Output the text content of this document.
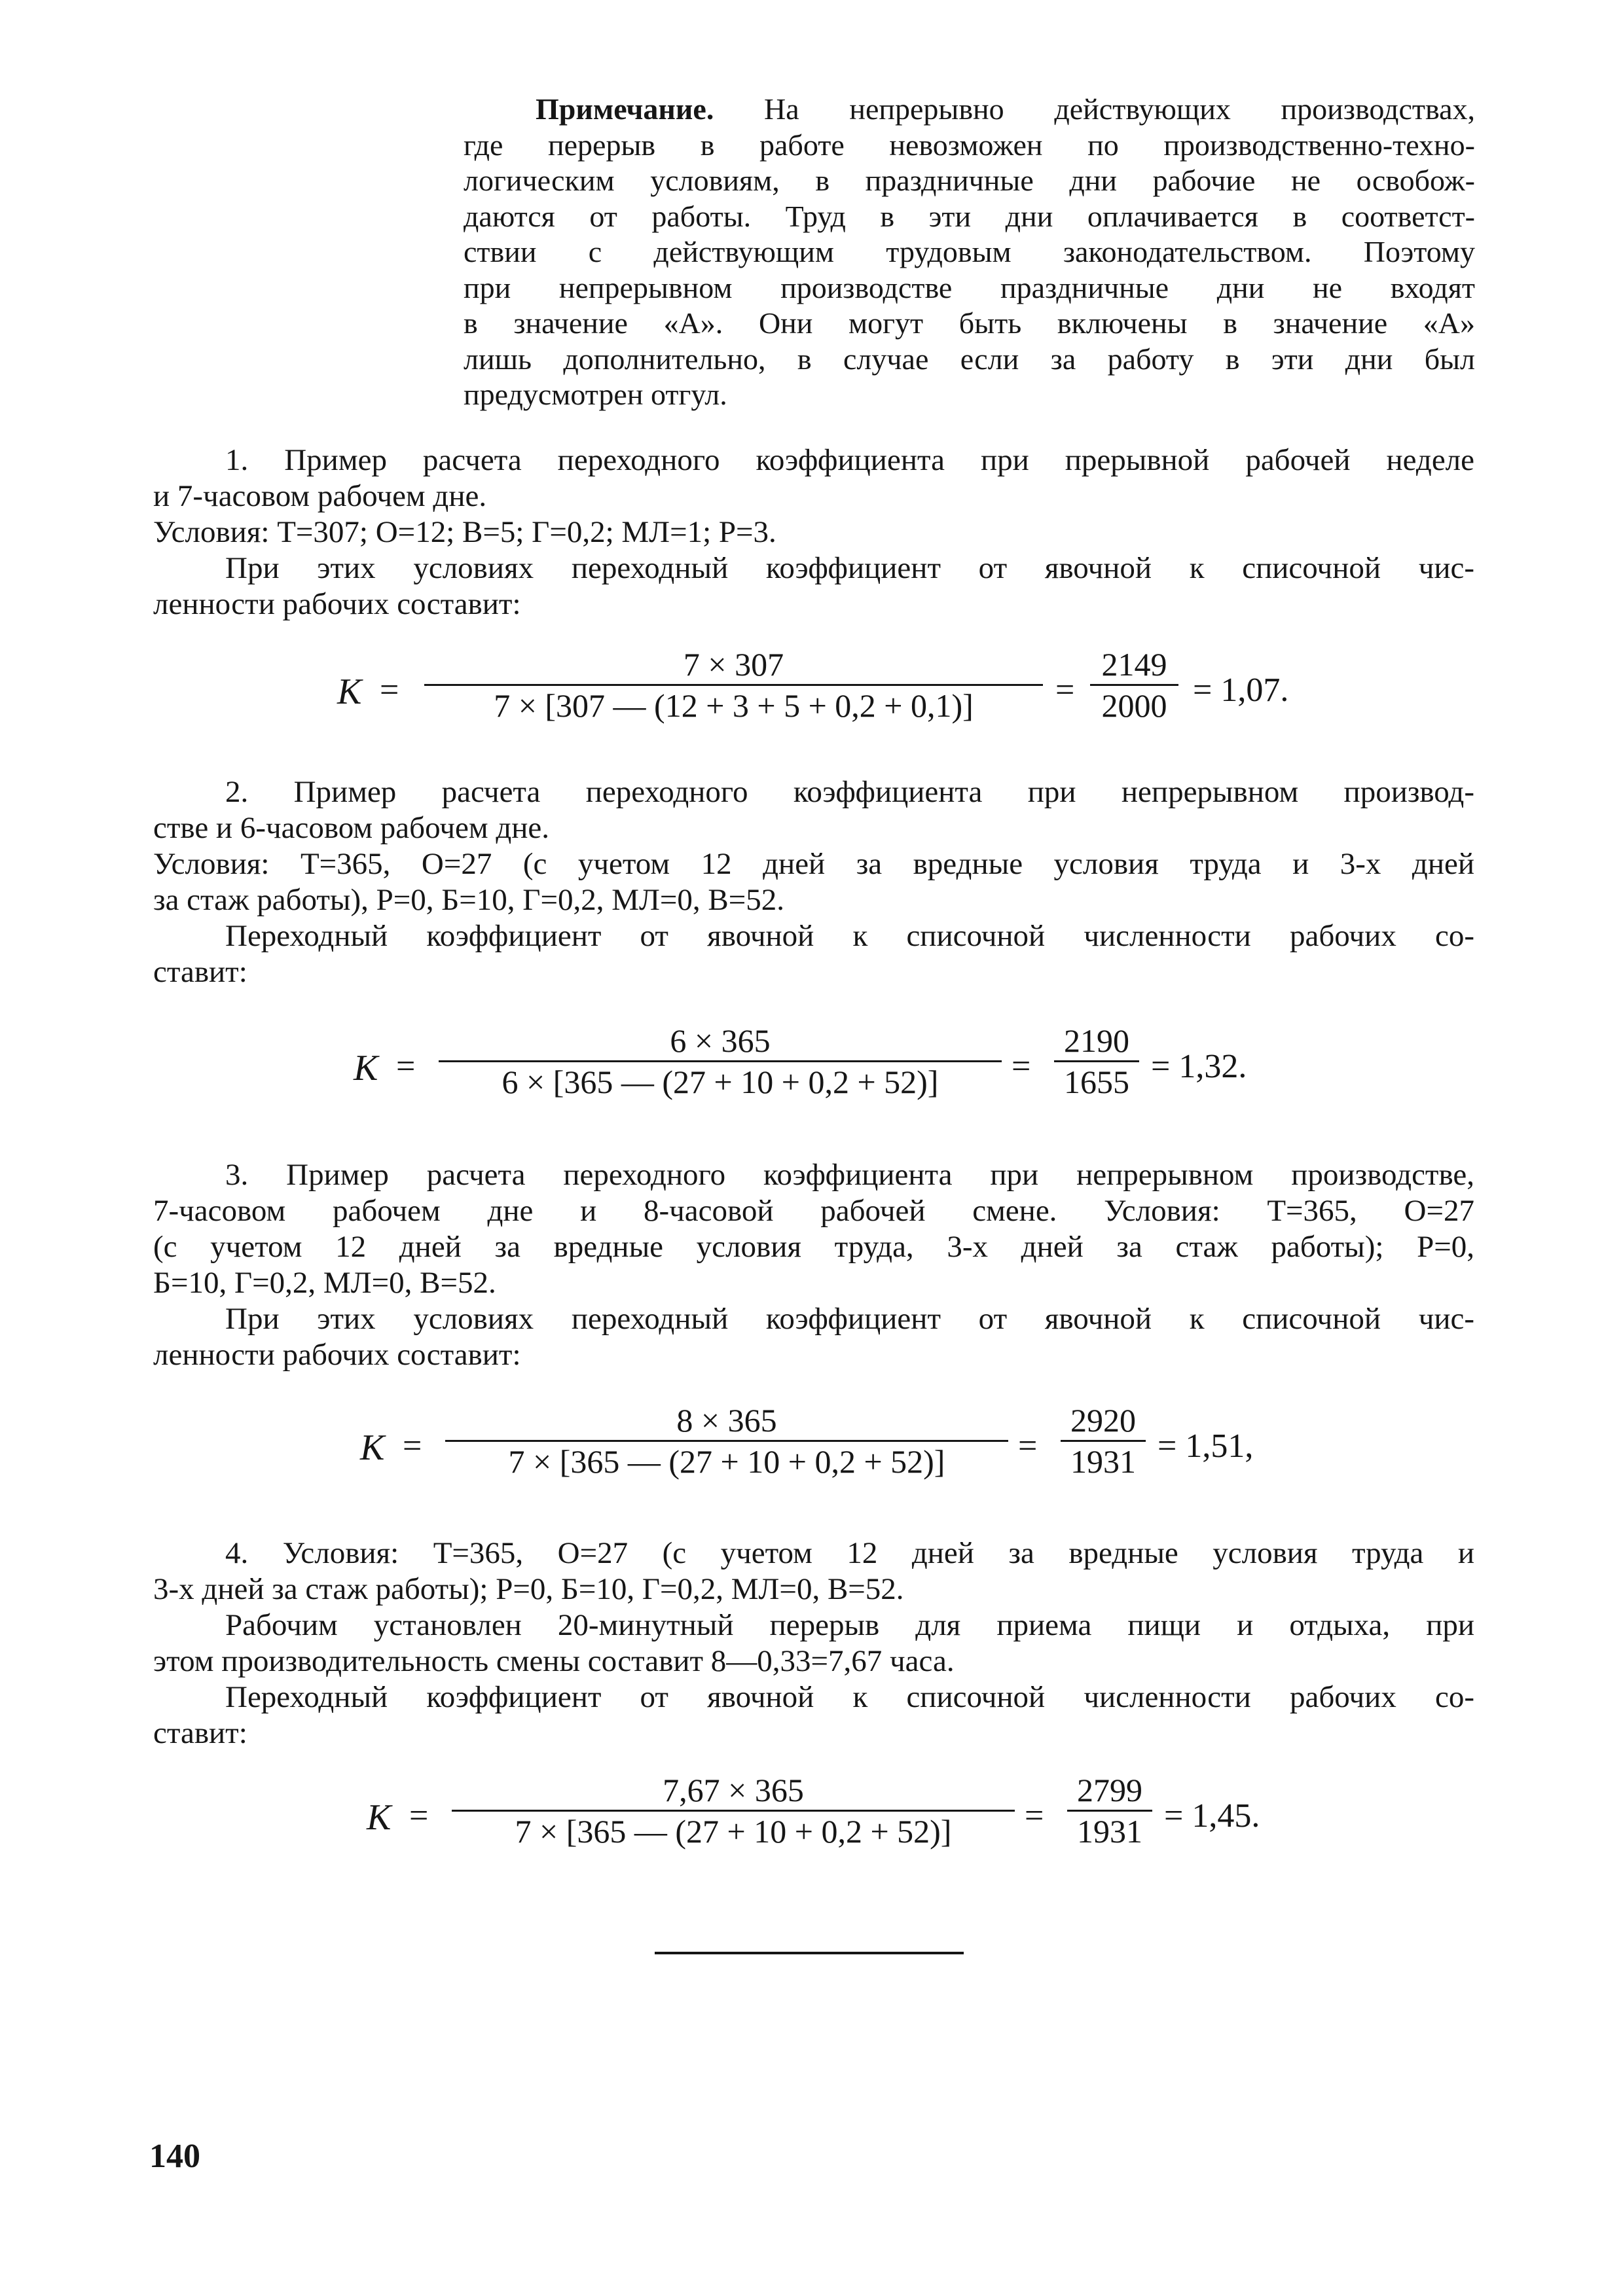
Примечание. На непрерывно действующих производствах,
где перерыв в работе невозможен по производственно-техно-
логическим условиям, в праздничные дни рабочие не освобож-
даются от работы. Труд в эти дни оплачивается в соответст-
ствии с действующим трудовым законодательством. Поэтому
при непрерывном производстве праздничные дни не входят
в значение «А». Они могут быть включены в значение «А»
лишь дополнительно, в случае если за работу в эти дни был
предусмотрен отгул.
1. Пример расчета переходного коэффициента при прерывной рабочей неделе
и 7-часовом рабочем дне.
Условия: Т=307; О=12; В=5; Г=0,2; МЛ=1; Р=3.
При этих условиях переходный коэффициент от явочной к списочной чис-
ленности рабочих составит:
K =
7 × 307
7 × [307 — (12 + 3 + 5 + 0,2 + 0,1)]	=
2149
2000 = 1,07.
2. Пример расчета переходного коэффициента при непрерывном производ-
стве и 6-часовом рабочем дне.
Условия: Т=365, О=27 (с учетом 12 дней за вредные условия труда и 3-х дней
за стаж работы), Р=0, Б=10, Г=0,2, МЛ=0, В=52.
Переходный коэффициент от явочной к списочной численности рабочих со-
ставит:
K =
6 × 365
6 × [365 — (27 + 10 + 0,2 + 52)]	=
2190
1655 = 1,32.
3. Пример расчета переходного коэффициента при непрерывном производстве,
7-часовом рабочем дне и 8-часовой рабочей смене. Условия: Т=365, О=27
(с учетом 12 дней за вредные условия труда, 3-х дней за стаж работы); Р=0,
Б=10, Г=0,2, МЛ=0, В=52.
При этих условиях переходный коэффициент от явочной к списочной чис-
ленности рабочих составит:
K =
8 × 365
7 × [365 — (27 + 10 + 0,2 + 52)]	=
2920
1931 = 1,51,
4. Условия: Т=365, О=27 (с учетом 12 дней за вредные условия труда и
3-х дней за стаж работы); Р=0, Б=10, Г=0,2, МЛ=0, В=52.
Рабочим установлен 20-минутный перерыв для приема пищи и отдыха, при
этом производительность смены составит 8—0,33=7,67 часа.
Переходный коэффициент от явочной к списочной численности рабочих со-
ставит:
K =
7,67 × 365
7 × [365 — (27 + 10 + 0,2 + 52)]	=
2799
1931 = 1,45.
140
